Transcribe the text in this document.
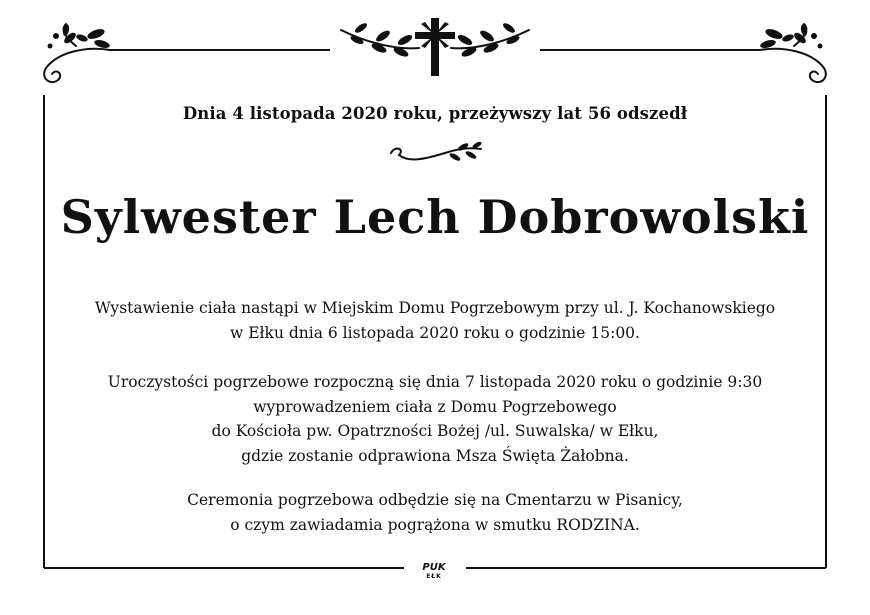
Dnia 4 listopada 2020 roku, przeżywszy lat 56 odszedł
Sylwester Lech Dobrowolski
Wystawienie ciała nastąpi w Miejskim Domu Pogrzebowym przy ul. J. Kochanowskiego
w Ełku dnia 6 listopada 2020 roku o godzinie 15:00.
Uroczystości pogrzebowe rozpoczną się dnia 7 listopada 2020 roku o godzinie 9:30
wyprowadzeniem ciała z Domu Pogrzebowego
do Kościoła pw. Opatrzności Bożej /ul. Suwalska/ w Ełku,
gdzie zostanie odprawiona Msza Święta Żałobna.
Ceremonia pogrzebowa odbędzie się na Cmentarzu w Pisanicy,
o czym zawiadamia pogrążona w smutku RODZINA.
PUK
EŁK
